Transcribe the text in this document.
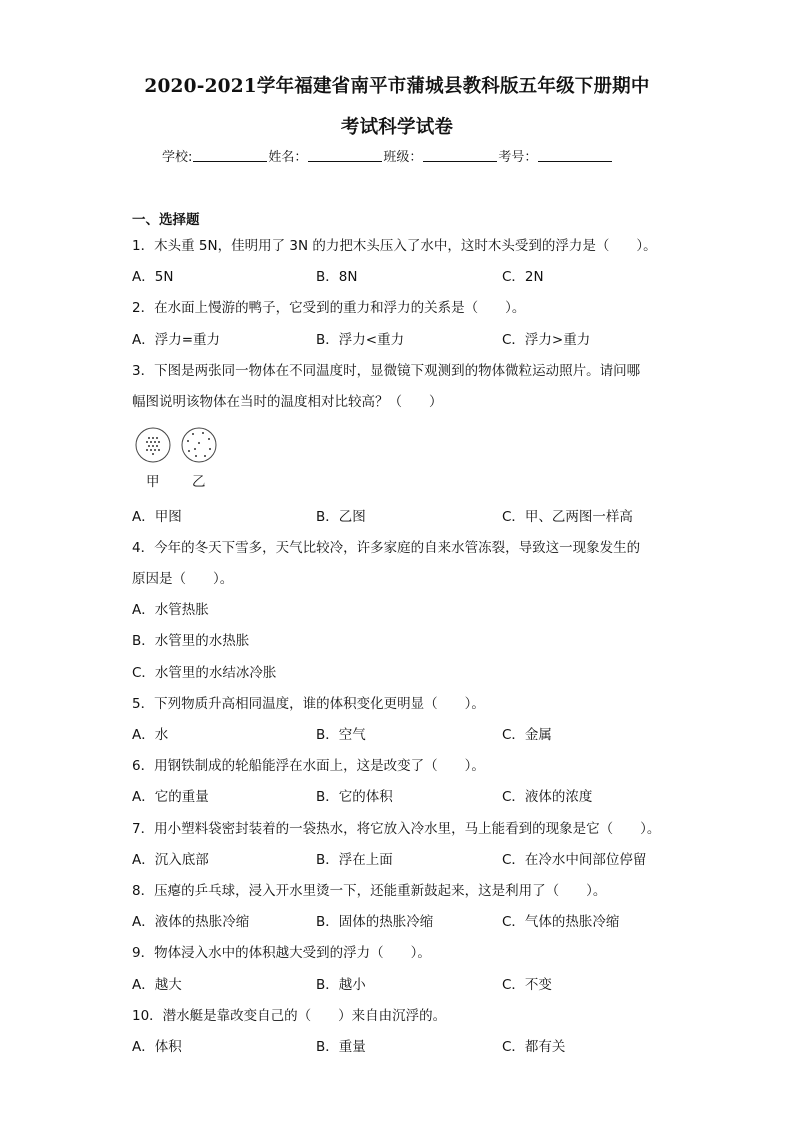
2020-2021学年福建省南平市蒲城县教科版五年级下册期中
考试科学试卷
学校:	姓名：	班级：	考号：
一、选择题
1．木头重 5N，佳明用了 3N 的力把木头压入了水中，这时木头受到的浮力是（　　）。
A．5N	B．8N	C．2N
2．在水面上慢游的鸭子，它受到的重力和浮力的关系是（　　）。
A．浮力=重力	B．浮力<重力	C．浮力>重力
3．下图是两张同一物体在不同温度时，显微镜下观测到的物体微粒运动照片。请问哪
幅图说明该物体在当时的温度相对比较高？（　　）
甲 乙
A．甲图	B．乙图	C．甲、乙两图一样高
4．今年的冬天下雪多，天气比较冷，许多家庭的自来水管冻裂，导致这一现象发生的
原因是（　　）。
A．水管热胀
B．水管里的水热胀
C．水管里的水结冰冷胀
5．下列物质升高相同温度，谁的体积变化更明显（　　）。
A．水	B．空气	C．金属
6．用钢铁制成的轮船能浮在水面上，这是改变了（　　）。
A．它的重量	B．它的体积	C．液体的浓度
7．用小塑料袋密封装着的一袋热水，将它放入冷水里，马上能看到的现象是它（　　）。
A．沉入底部	B．浮在上面	C．在冷水中间部位停留
8．压瘪的乒乓球，浸入开水里烫一下，还能重新鼓起来，这是利用了（　　）。
A．液体的热胀冷缩	B．固体的热胀冷缩	C．气体的热胀冷缩
9．物体浸入水中的体积越大受到的浮力（　　）。
A．越大	B．越小	C．不变
10．潜水艇是靠改变自己的（　　）来自由沉浮的。
A．体积	B．重量	C．都有关
